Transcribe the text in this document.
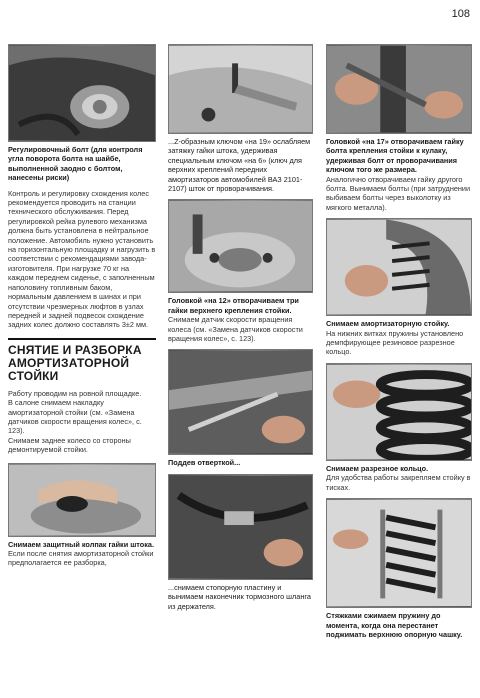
108

Регулировочный болт (для контроля угла поворота болта на шайбе, выполненной заодно с болтом, нанесены риски)

Контроль и регулировку схождения колес рекомендуется проводить на станции технического обслуживания. Перед регулировкой рейка рулевого механизма должна быть установлена в нейтральное положение. Автомобиль нужно установить на горизонтальную площадку и нагрузить в соответствии с рекомендациями завода-изготовителя. При нагрузке 70 кг на каждом переднем сиденье, с заполненным наполовину топливным баком, нормальным давлением в шинах и при отсутствии чрезмерных люфтов в узлах передней и задней подвесок схождение задних колес должно составлять 3±2 мм.

СНЯТИЕ И РАЗБОРКА АМОРТИЗАТОРНОЙ СТОЙКИ

Работу проводим на ровной площадке.
В салоне снимаем накладку амортизаторной стойки (см. «Замена датчиков скорости вращения колес», с. 123).
Снимаем заднее колесо со стороны демонтируемой стойки.

Снимаем защитный колпак гайки штока.

Если после снятия амортизаторной стойки предполагается ее разборка,

...Z-образным ключом «на 19» ослабляем затяжку гайки штока, удерживая специальным ключом «на 6» (ключ для верхних креплений передних амортизаторов автомобилей ВАЗ 2101-2107) шток от проворачивания.

Головкой «на 12» отворачиваем три гайки верхнего крепления стойки.

Снимаем датчик скорости вращения колеса (см. «Замена датчиков скорости вращения колес», с. 123).

Поддев отверткой...

...снимаем стопорную пластину и вынимаем наконечник тормозного шланга из держателя.

Головкой «на 17» отворачиваем гайку болта крепления стойки к кулаку, удерживая болт от проворачивания ключом того же размера.

Аналогично отворачиваем гайку другого болта. Вынимаем болты (при затруднении выбиваем болты через выколотку из мягкого металла).

Снимаем амортизаторную стойку.

На нижних витках пружины установлено демпфирующее резиновое разрезное кольцо.

Снимаем разрезное кольцо.

Для удобства работы закрепляем стойку в тисках.

Стяжками сжимаем пружину до момента, когда она перестанет поджимать верхнюю опорную чашку.
